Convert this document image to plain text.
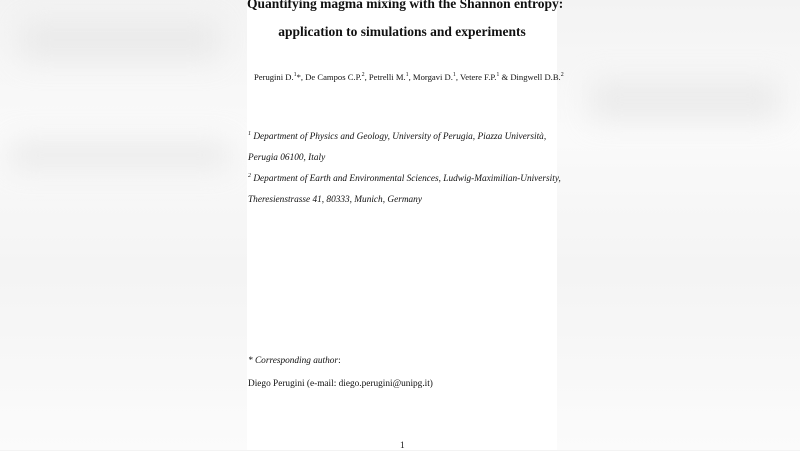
Quantifying magma mixing with the Shannon entropy:
application to simulations and experiments
Perugini D.$^1$*, De Campos C.P.$^2$, Petrelli M.$^1$, Morgavi D.$^1$, Vetere F.P.$^1$ & Dingwell D.B.$^2$
$^1$ Department of Physics and Geology, University of Perugia, Piazza Università,
Perugia 06100, Italy
$^2$ Department of Earth and Environmental Sciences, Ludwig-Maximilian-University,
Theresienstrasse 41, 80333, Munich, Germany
* Corresponding author:
Diego Perugini (e-mail: diego.perugini@unipg.it)
1
